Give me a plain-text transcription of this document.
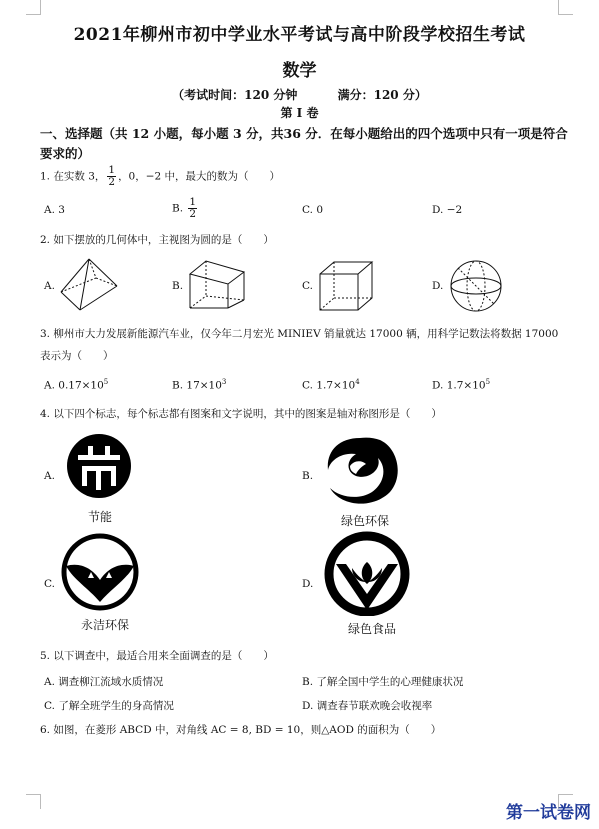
2021年柳州市初中学业水平考试与高中阶段学校招生考试
数学
（考试时间：120 分钟	满分：120 分）
第 I 卷
一、选择题（共 12 小题，每小题 3 分，共36 分．在每小题给出的四个选项中只有一项是符合要求的）
1. 在实数 3， $\frac{1}{2}$ ，0，−2 中，最大的数为（　　）
A. 3	B. $\frac{1}{2}$	C. 0	D. −2
2. 如下摆放的几何体中，主视图为圆的是（　　）
A.	B.	C.	D.
3. 柳州市大力发展新能源汽车业，仅今年二月宏光 MINIEV 销量就达 17000 辆，用科学记数法将数据 17000
表示为（　　）
A. $0.17\times 10^5$	B. $17\times 10^3$	C. $1.7\times 10^4$	D. $1.7\times 10^5$
4. 以下四个标志，每个标志都有图案和文字说明，其中的图案是轴对称图形是（　　）
A.
节能
B.
绿色环保
C.
永洁环保
D.
绿色食品
5. 以下调查中，最适合用来全面调查的是（　　）
A. 调查柳江流域水质情况	B. 了解全国中学生的心理健康状况
C. 了解全班学生的身高情况	D. 调查春节联欢晚会收视率
6. 如图，在菱形 ABCD 中，对角线 AC = 8, BD = 10，则△AOD 的面积为（　　）
第一试卷网
